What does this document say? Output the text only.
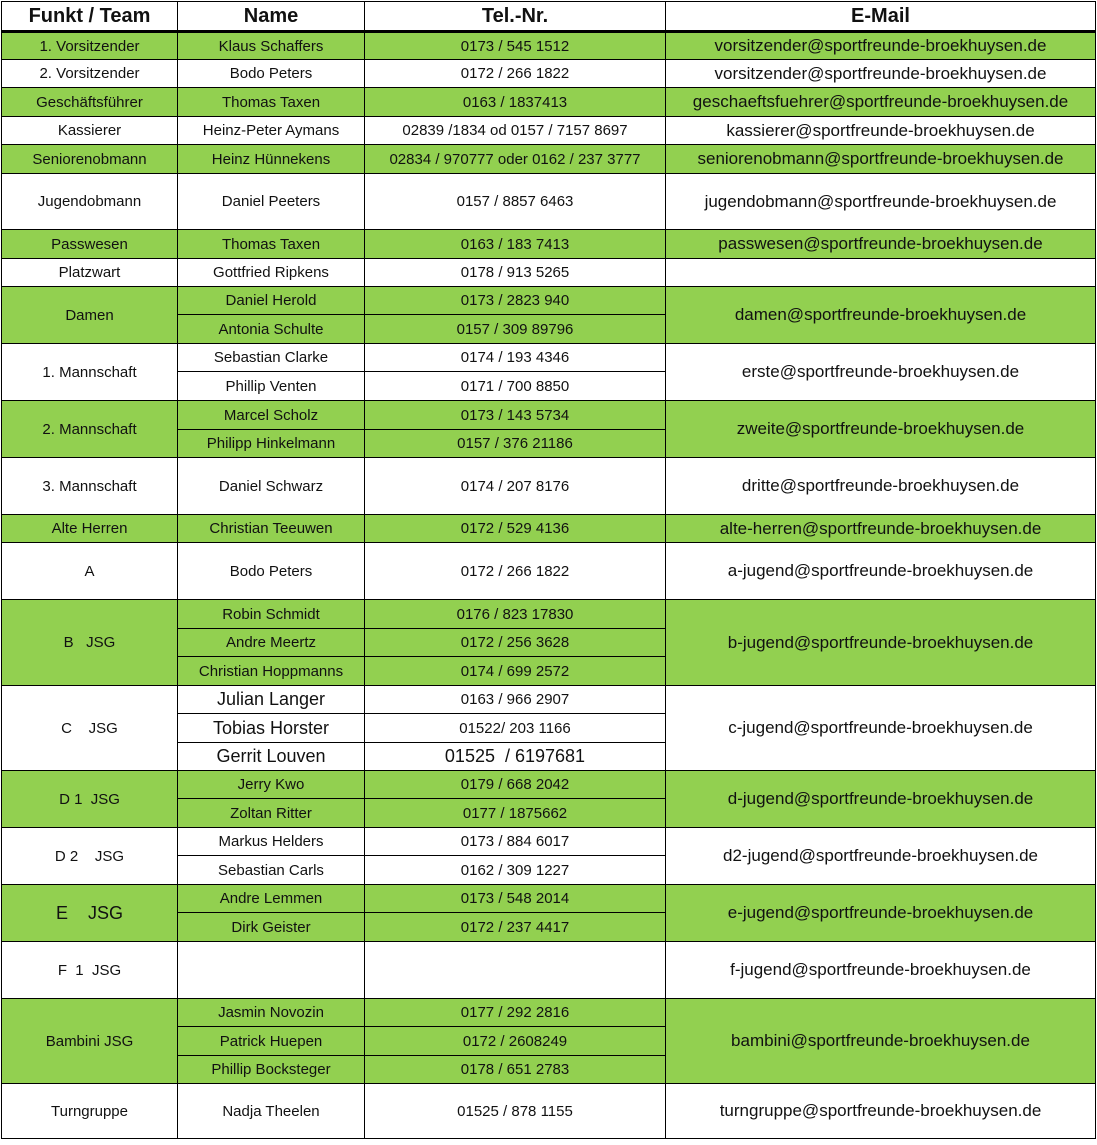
Funkt / Team	Name	Tel.-Nr.	E-Mail
1. Vorsitzender	Klaus Schaffers	0173 / 545 1512	vorsitzender@sportfreunde-broekhuysen.de
2. Vorsitzender	Bodo Peters	0172 / 266 1822	vorsitzender@sportfreunde-broekhuysen.de
Geschäftsführer	Thomas Taxen	0163 / 1837413	geschaeftsfuehrer@sportfreunde-broekhuysen.de
Kassierer	Heinz-Peter Aymans	02839 /1834 od 0157 / 7157 8697	kassierer@sportfreunde-broekhuysen.de
Seniorenobmann	Heinz Hünnekens	02834 / 970777 oder 0162 / 237 3777	seniorenobmann@sportfreunde-broekhuysen.de
Jugendobmann	Daniel Peeters	0157 / 8857 6463	jugendobmann@sportfreunde-broekhuysen.de
Passwesen	Thomas Taxen	0163 / 183 7413	passwesen@sportfreunde-broekhuysen.de
Platzwart	Gottfried Ripkens	0178 / 913 5265	
Damen	Daniel Herold	0173 / 2823 940	damen@sportfreunde-broekhuysen.de
	Antonia Schulte	0157 / 309 89796	
1. Mannschaft	Sebastian Clarke	0174 / 193 4346	erste@sportfreunde-broekhuysen.de
	Phillip Venten	0171 / 700 8850	
2. Mannschaft	Marcel Scholz	0173 / 143 5734	zweite@sportfreunde-broekhuysen.de
	Philipp Hinkelmann	0157 / 376 21186	
3. Mannschaft	Daniel Schwarz	0174 / 207 8176	dritte@sportfreunde-broekhuysen.de
Alte Herren	Christian Teeuwen	0172 / 529 4136	alte-herren@sportfreunde-broekhuysen.de
A	Bodo Peters	0172 / 266 1822	a-jugend@sportfreunde-broekhuysen.de
B   JSG	Robin Schmidt	0176 / 823 17830	b-jugend@sportfreunde-broekhuysen.de
	Andre Meertz	0172 / 256 3628	
	Christian Hoppmanns	0174 / 699 2572	
C    JSG	Julian Langer	0163 / 966 2907	c-jugend@sportfreunde-broekhuysen.de
	Tobias Horster	01522/ 203 1166	
	Gerrit Louven	01525  / 6197681	
D 1  JSG	Jerry Kwo	0179 / 668 2042	d-jugend@sportfreunde-broekhuysen.de
	Zoltan Ritter	0177 / 1875662	
D 2    JSG	Markus Helders	0173 / 884 6017	d2-jugend@sportfreunde-broekhuysen.de
	Sebastian Carls	0162 / 309 1227	
E    JSG	Andre Lemmen	0173 / 548 2014	e-jugend@sportfreunde-broekhuysen.de
	Dirk Geister	0172 / 237 4417	
F  1  JSG			f-jugend@sportfreunde-broekhuysen.de
Bambini JSG	Jasmin Novozin	0177 / 292 2816	bambini@sportfreunde-broekhuysen.de
	Patrick Huepen	0172 / 2608249	
	Phillip Bocksteger	0178 / 651 2783	
Turngruppe	Nadja Theelen	01525 / 878 1155	turngruppe@sportfreunde-broekhuysen.de
